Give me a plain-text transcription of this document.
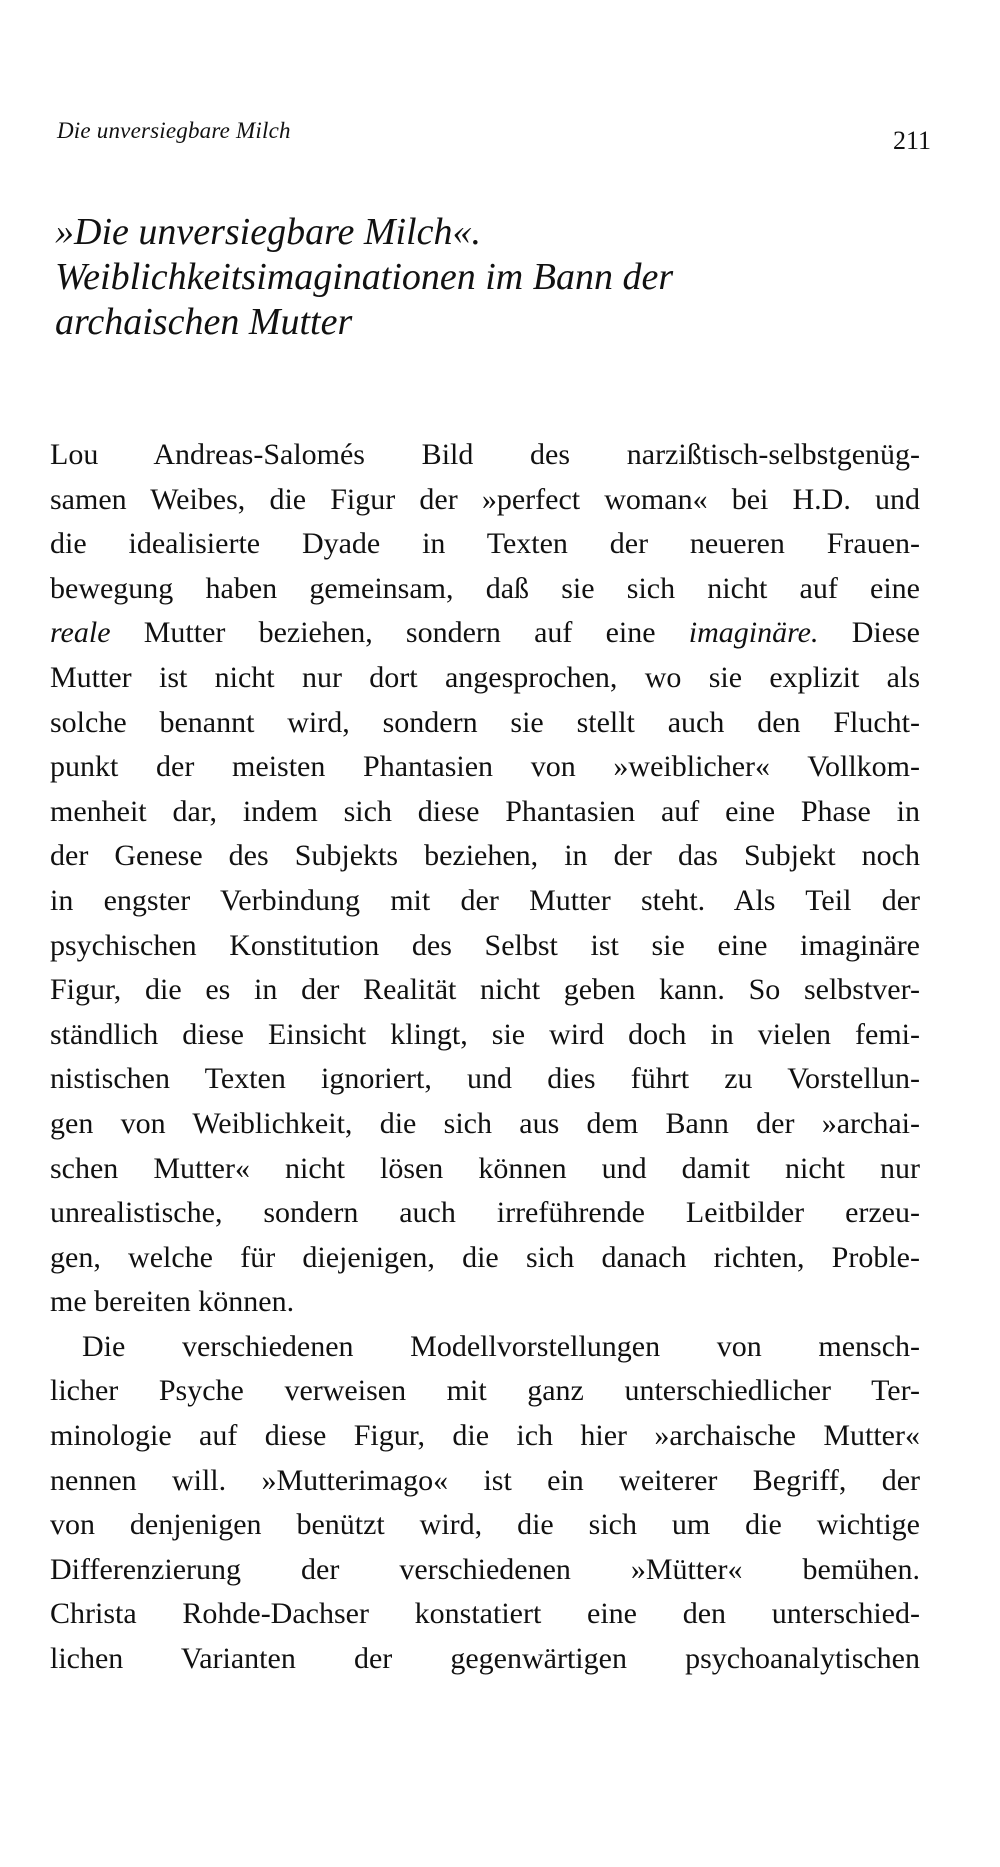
Die unversiegbare Milch	211
»Die unversiegbare Milch«.
Weiblichkeitsimaginationen im Bann der
archaischen Mutter
Lou Andreas-Salomés Bild des narzißtisch-selbstgenüg-
samen Weibes, die Figur der »perfect woman« bei H.D. und
die idealisierte Dyade in Texten der neueren Frauen-
bewegung haben gemeinsam, daß sie sich nicht auf eine
reale Mutter beziehen, sondern auf eine imaginäre. Diese
Mutter ist nicht nur dort angesprochen, wo sie explizit als
solche benannt wird, sondern sie stellt auch den Flucht-
punkt der meisten Phantasien von »weiblicher« Vollkom-
menheit dar, indem sich diese Phantasien auf eine Phase in
der Genese des Subjekts beziehen, in der das Subjekt noch
in engster Verbindung mit der Mutter steht. Als Teil der
psychischen Konstitution des Selbst ist sie eine imaginäre
Figur, die es in der Realität nicht geben kann. So selbstver-
ständlich diese Einsicht klingt, sie wird doch in vielen femi-
nistischen Texten ignoriert, und dies führt zu Vorstellun-
gen von Weiblichkeit, die sich aus dem Bann der »archai-
schen Mutter« nicht lösen können und damit nicht nur
unrealistische, sondern auch irreführende Leitbilder erzeu-
gen, welche für diejenigen, die sich danach richten, Proble-
me bereiten können.
Die verschiedenen Modellvorstellungen von mensch-
licher Psyche verweisen mit ganz unterschiedlicher Ter-
minologie auf diese Figur, die ich hier »archaische Mutter«
nennen will. »Mutterimago« ist ein weiterer Begriff, der
von denjenigen benützt wird, die sich um die wichtige
Differenzierung der verschiedenen »Mütter« bemühen.
Christa Rohde-Dachser konstatiert eine den unterschied-
lichen Varianten der gegenwärtigen psychoanalytischen
